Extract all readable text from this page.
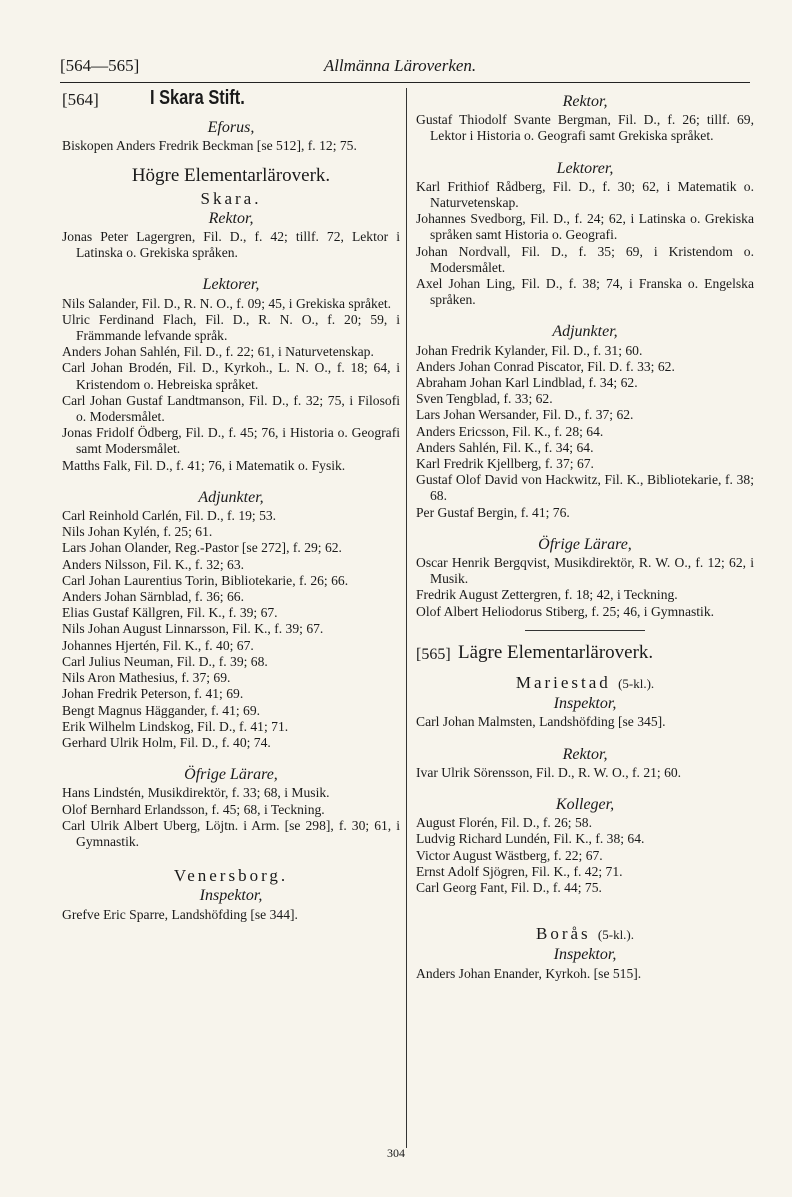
[564—565]	Allmänna Läroverken.
[564]	I Skara Stift.
Eforus,
Biskopen Anders Fredrik Beckman [se 512], f. 12; 75.
Högre Elementarläroverk.
Skara.
Rektor,
Jonas Peter Lagergren, Fil. D., f. 42; tillf. 72, Lektor i Latinska o. Grekiska språken.
Lektorer,
Nils Salander, Fil. D., R. N. O., f. 09; 45, i Grekiska språket.
Ulric Ferdinand Flach, Fil. D., R. N. O., f. 20; 59, i Främmande lefvande språk.
Anders Johan Sahlén, Fil. D., f. 22; 61, i Naturvetenskap.
Carl Johan Brodén, Fil. D., Kyrkoh., L. N. O., f. 18; 64, i Kristendom o. Hebreiska språket.
Carl Johan Gustaf Landtmanson, Fil. D., f. 32; 75, i Filosofi o. Modersmålet.
Jonas Fridolf Ödberg, Fil. D., f. 45; 76, i Historia o. Geografi samt Modersmålet.
Matths Falk, Fil. D., f. 41; 76, i Matematik o. Fysik.
Adjunkter,
Carl Reinhold Carlén, Fil. D., f. 19; 53.
Nils Johan Kylén, f. 25; 61.
Lars Johan Olander, Reg.-Pastor [se 272], f. 29; 62.
Anders Nilsson, Fil. K., f. 32; 63.
Carl Johan Laurentius Torin, Bibliotekarie, f. 26; 66.
Anders Johan Särnblad, f. 36; 66.
Elias Gustaf Källgren, Fil. K., f. 39; 67.
Nils Johan August Linnarsson, Fil. K., f. 39; 67.
Johannes Hjertén, Fil. K., f. 40; 67.
Carl Julius Neuman, Fil. D., f. 39; 68.
Nils Aron Mathesius, f. 37; 69.
Johan Fredrik Peterson, f. 41; 69.
Bengt Magnus Häggander, f. 41; 69.
Erik Wilhelm Lindskog, Fil. D., f. 41; 71.
Gerhard Ulrik Holm, Fil. D., f. 40; 74.
Öfrige Lärare,
Hans Lindstén, Musikdirektör, f. 33; 68, i Musik.
Olof Bernhard Erlandsson, f. 45; 68, i Teckning.
Carl Ulrik Albert Uberg, Löjtn. i Arm. [se 298], f. 30; 61, i Gymnastik.
Venersborg.
Inspektor,
Grefve Eric Sparre, Landshöfding [se 344].
Rektor,
Gustaf Thiodolf Svante Bergman, Fil. D., f. 26; tillf. 69, Lektor i Historia o. Geografi samt Grekiska språket.
Lektorer,
Karl Frithiof Rådberg, Fil. D., f. 30; 62, i Matematik o. Naturvetenskap.
Johannes Svedborg, Fil. D., f. 24; 62, i Latinska o. Grekiska språken samt Historia o. Geografi.
Johan Nordvall, Fil. D., f. 35; 69, i Kristendom o. Modersmålet.
Axel Johan Ling, Fil. D., f. 38; 74, i Franska o. Engelska språken.
Adjunkter,
Johan Fredrik Kylander, Fil. D., f. 31; 60.
Anders Johan Conrad Piscator, Fil. D. f. 33; 62.
Abraham Johan Karl Lindblad, f. 34; 62.
Sven Tengblad, f. 33; 62.
Lars Johan Wersander, Fil. D., f. 37; 62.
Anders Ericsson, Fil. K., f. 28; 64.
Anders Sahlén, Fil. K., f. 34; 64.
Karl Fredrik Kjellberg, f. 37; 67.
Gustaf Olof David von Hackwitz, Fil. K., Bibliotekarie, f. 38; 68.
Per Gustaf Bergin, f. 41; 76.
Öfrige Lärare,
Oscar Henrik Bergqvist, Musikdirektör, R. W. O., f. 12; 62, i Musik.
Fredrik August Zettergren, f. 18; 42, i Teckning.
Olof Albert Heliodorus Stiberg, f. 25; 46, i Gymnastik.
[565] Lägre Elementarläroverk.
Mariestad (5-kl.).
Inspektor,
Carl Johan Malmsten, Landshöfding [se 345].
Rektor,
Ivar Ulrik Sörensson, Fil. D., R. W. O., f. 21; 60.
Kolleger,
August Florén, Fil. D., f. 26; 58.
Ludvig Richard Lundén, Fil. K., f. 38; 64.
Victor August Wästberg, f. 22; 67.
Ernst Adolf Sjögren, Fil. K., f. 42; 71.
Carl Georg Fant, Fil. D., f. 44; 75.
Borås (5-kl.).
Inspektor,
Anders Johan Enander, Kyrkoh. [se 515].
304
